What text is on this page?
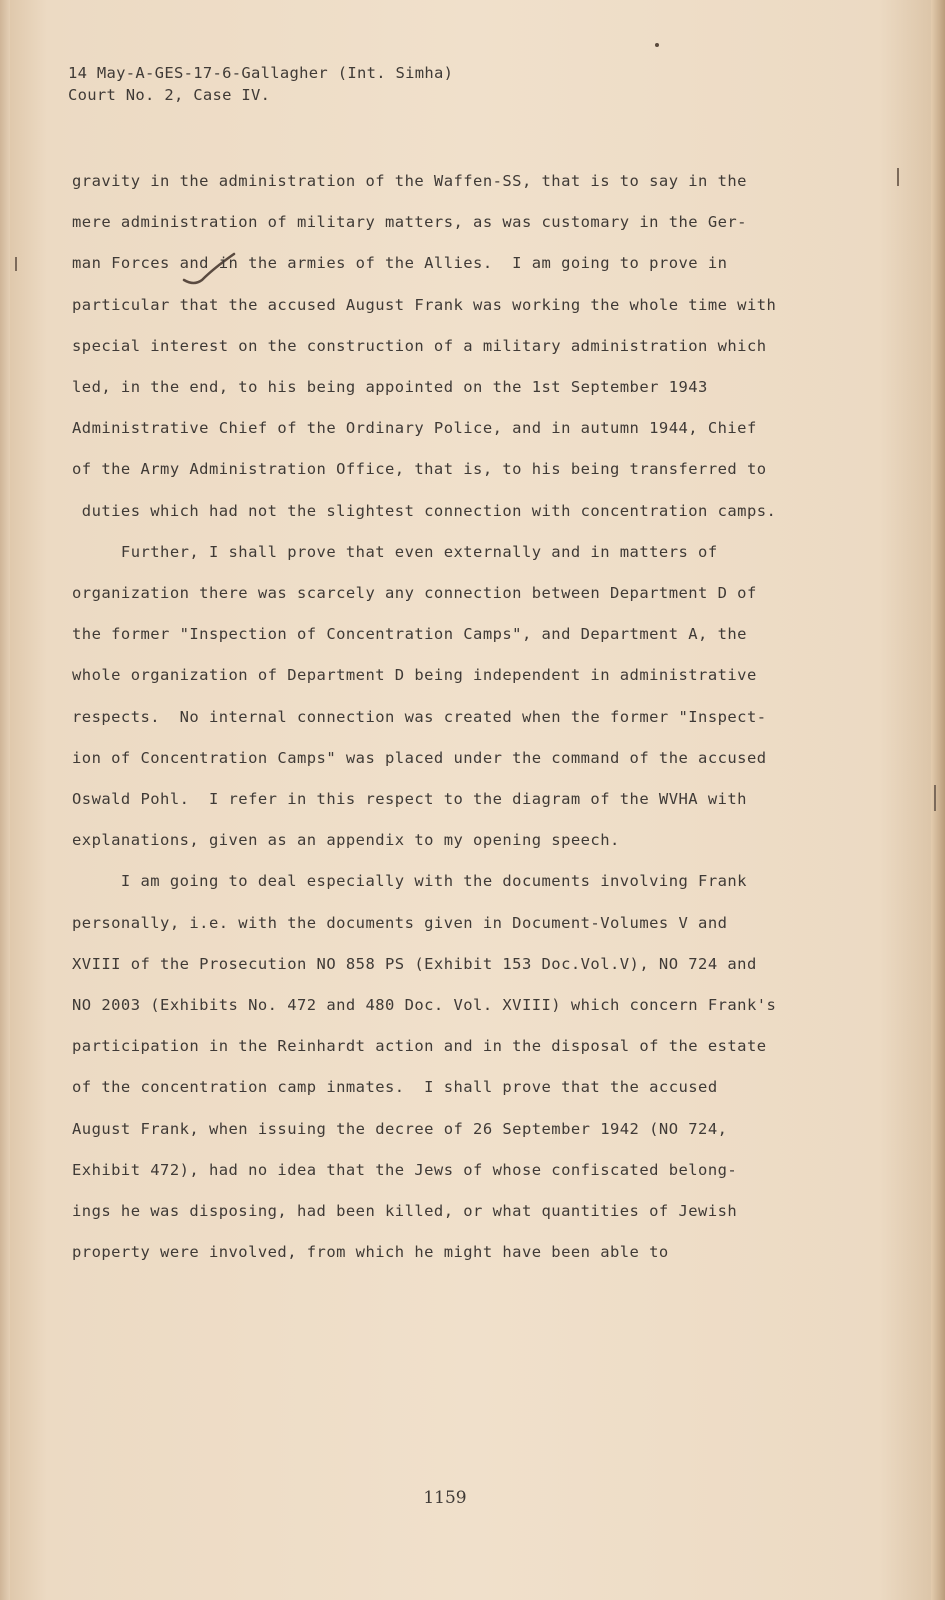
14 May-A-GES-17-6-Gallagher (Int. Simha)
Court No. 2, Case IV.
gravity in the administration of the Waffen-SS, that is to say in the
mere administration of military matters, as was customary in the Ger-
man Forces and in the armies of the Allies.  I am going to prove in
particular that the accused August Frank was working the whole time with
special interest on the construction of a military administration which
led, in the end, to his being appointed on the 1st September 1943
Administrative Chief of the Ordinary Police, and in autumn 1944, Chief
of the Army Administration Office, that is, to his being transferred to
duties which had not the slightest connection with concentration camps.
Further, I shall prove that even externally and in matters of
organization there was scarcely any connection between Department D of
the former "Inspection of Concentration Camps", and Department A, the
whole organization of Department D being independent in administrative
respects.  No internal connection was created when the former "Inspect-
ion of Concentration Camps" was placed under the command of the accused
Oswald Pohl.  I refer in this respect to the diagram of the WVHA with
explanations, given as an appendix to my opening speech.
I am going to deal especially with the documents involving Frank
personally, i.e. with the documents given in Document-Volumes V and
XVIII of the Prosecution NO 858 PS (Exhibit 153 Doc.Vol.V), NO 724 and
NO 2003 (Exhibits No. 472 and 480 Doc. Vol. XVIII) which concern Frank's
participation in the Reinhardt action and in the disposal of the estate
of the concentration camp inmates.  I shall prove that the accused
August Frank, when issuing the decree of 26 September 1942 (NO 724,
Exhibit 472), had no idea that the Jews of whose confiscated belong-
ings he was disposing, had been killed, or what quantities of Jewish
property were involved, from which he might have been able to
1159
